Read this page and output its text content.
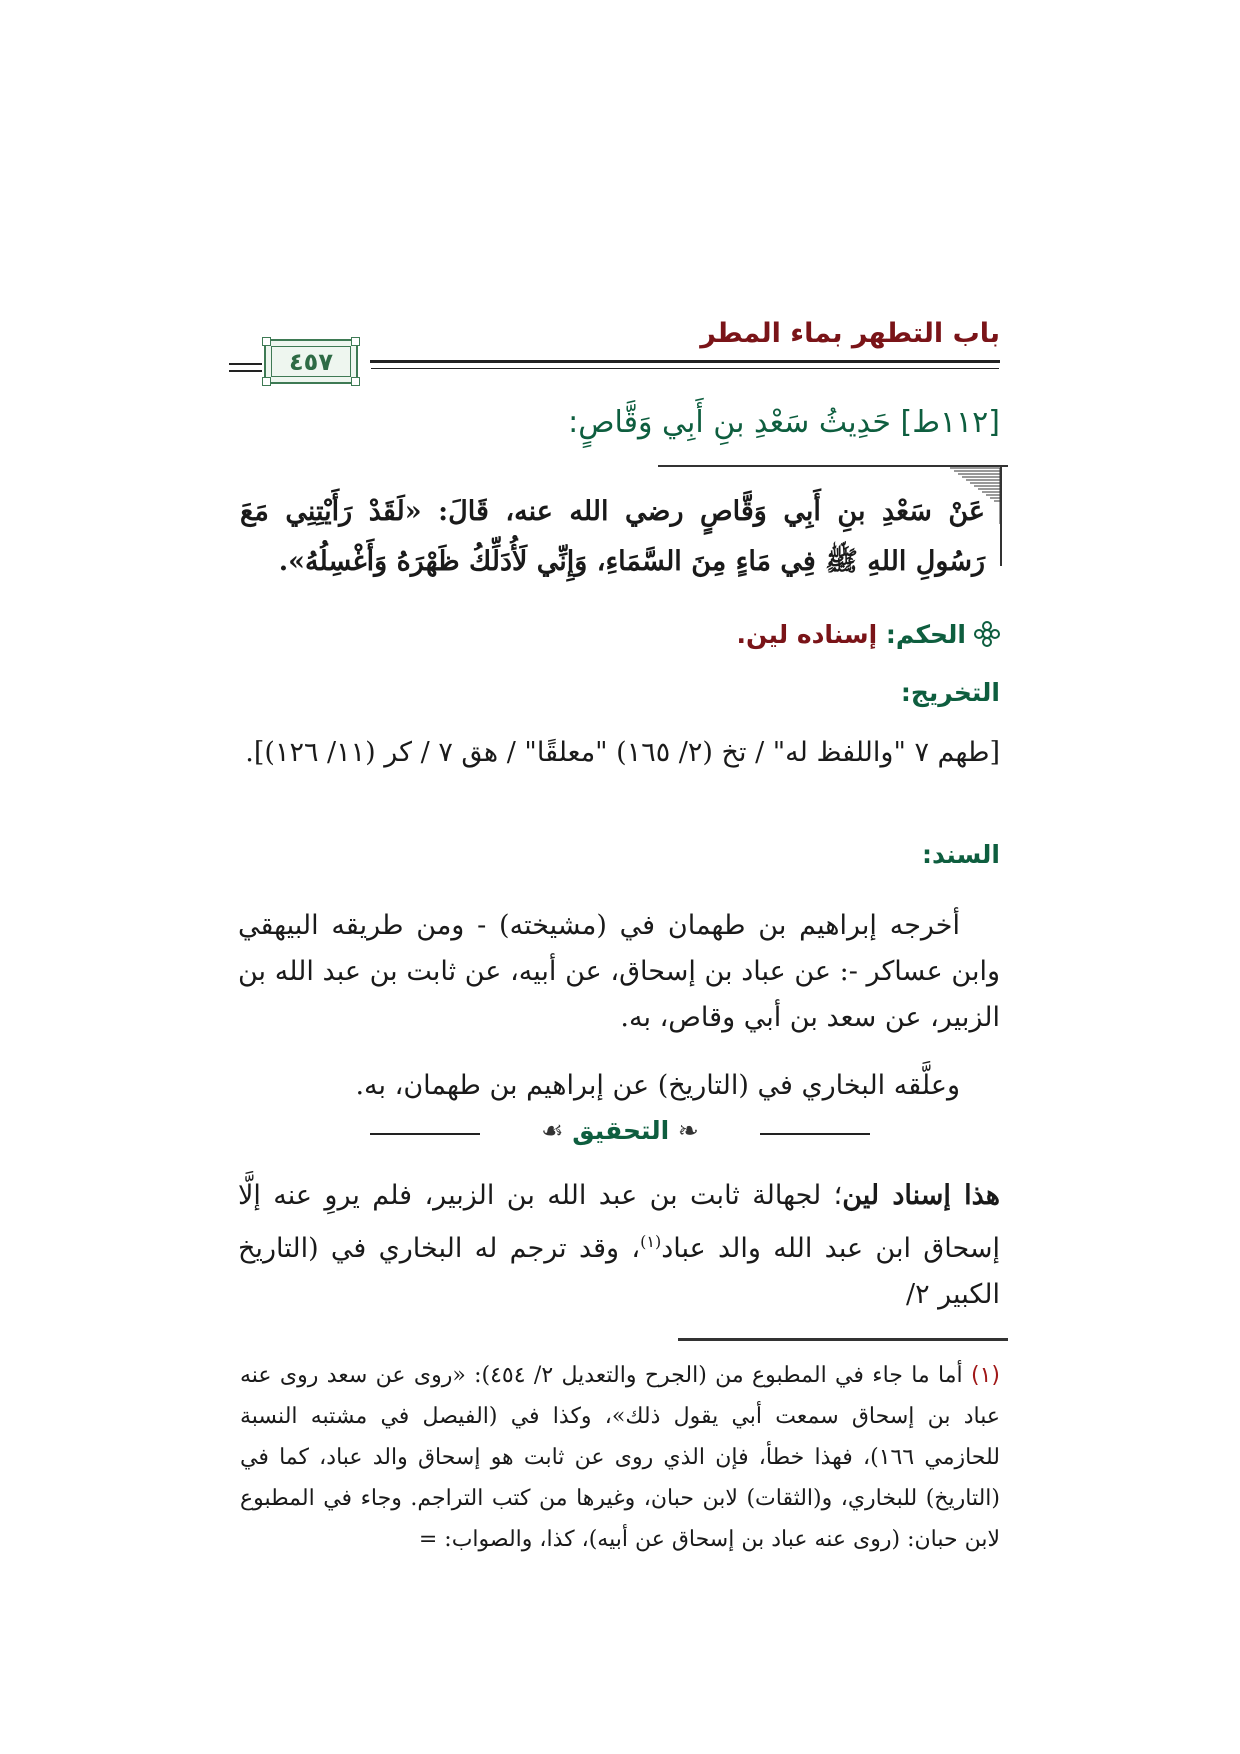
باب التطهر بماء المطر
٤٥٧
[١١٢ط] حَدِيثُ سَعْدِ بنِ أَبِي وَقَّاصٍ:
عَنْ سَعْدِ بنِ أَبِي وَقَّاصٍ رضي الله عنه، قَالَ: «لَقَدْ رَأَيْتِنِي مَعَ رَسُولِ اللهِ ﷺ فِي مَاءٍ مِنَ السَّمَاءِ، وَإِنِّي لَأُدَلِّكُ ظَهْرَهُ وَأَغْسِلُهُ».
الحكم: إسناده لين.
التخريج:
[طهم ٧ "واللفظ له" / تخ (٢/ ١٦٥) "معلقًا" / هق ٧ / كر (١١/ ١٢٦)].
السند:
أخرجه إبراهيم بن طهمان في (مشيخته) - ومن طريقه البيهقي وابن عساكر -: عن عباد بن إسحاق، عن أبيه، عن ثابت بن عبد الله بن الزبير، عن سعد بن أبي وقاص، به.
وعلَّقه البخاري في (التاريخ) عن إبراهيم بن طهمان، به.
❧ التحقيق ☙
هذا إسناد لين؛ لجهالة ثابت بن عبد الله بن الزبير، فلم يروِ عنه إلَّا إسحاق ابن عبد الله والد عباد$^{(١)}$، وقد ترجم له البخاري في (التاريخ الكبير ٢/
(١) أما ما جاء في المطبوع من (الجرح والتعديل ٢/ ٤٥٤): «روى عن سعد روى عنه عباد بن إسحاق سمعت أبي يقول ذلك»، وكذا في (الفيصل في مشتبه النسبة للحازمي ١٦٦)، فهذا خطأ، فإن الذي روى عن ثابت هو إسحاق والد عباد، كما في (التاريخ) للبخاري، و(الثقات) لابن حبان، وغيرها من كتب التراجم. وجاء في المطبوع لابن حبان: (روى عنه عباد بن إسحاق عن أبيه)، كذا، والصواب: =
